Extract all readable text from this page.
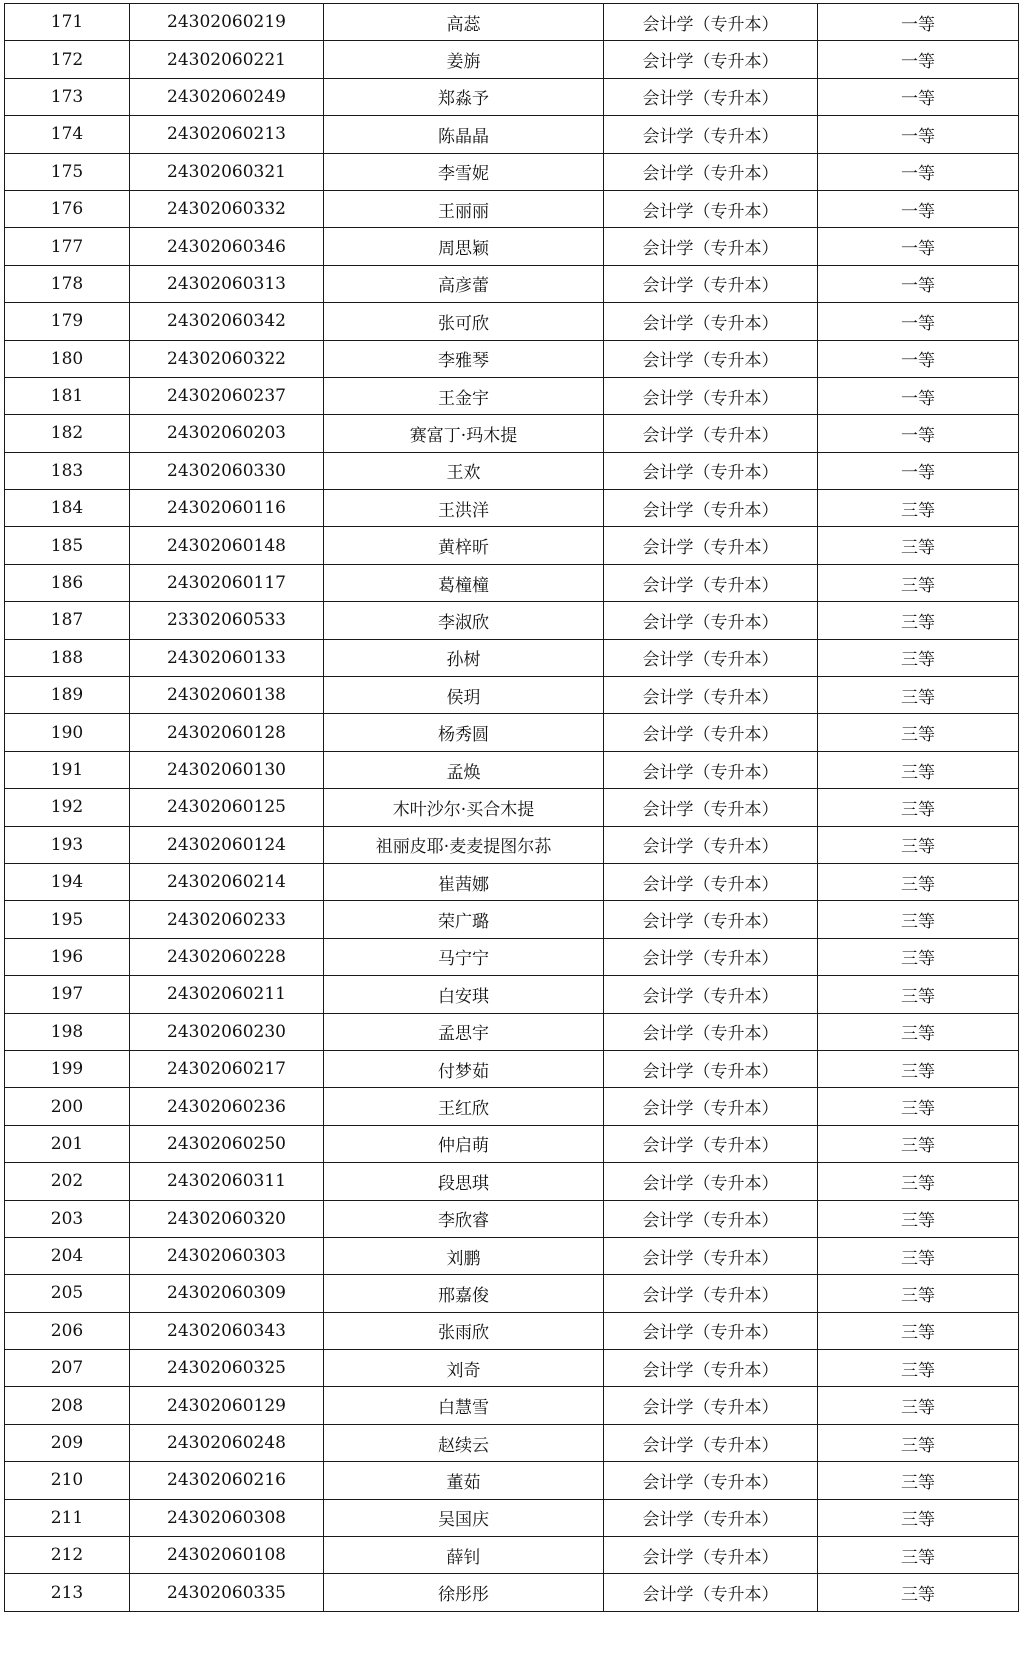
171	24302060219	高蕊	会计学（专升本）	一等
172	24302060221	姜旃	会计学（专升本）	一等
173	24302060249	郑淼予	会计学（专升本）	一等
174	24302060213	陈晶晶	会计学（专升本）	一等
175	24302060321	李雪妮	会计学（专升本）	一等
176	24302060332	王丽丽	会计学（专升本）	一等
177	24302060346	周思颖	会计学（专升本）	一等
178	24302060313	高彦蕾	会计学（专升本）	一等
179	24302060342	张可欣	会计学（专升本）	一等
180	24302060322	李雅琴	会计学（专升本）	一等
181	24302060237	王金宇	会计学（专升本）	一等
182	24302060203	赛富丁·玛木提	会计学（专升本）	一等
183	24302060330	王欢	会计学（专升本）	一等
184	24302060116	王洪洋	会计学（专升本）	三等
185	24302060148	黄梓昕	会计学（专升本）	三等
186	24302060117	葛橦橦	会计学（专升本）	三等
187	23302060533	李淑欣	会计学（专升本）	三等
188	24302060133	孙树	会计学（专升本）	三等
189	24302060138	侯玥	会计学（专升本）	三等
190	24302060128	杨秀圆	会计学（专升本）	三等
191	24302060130	孟焕	会计学（专升本）	三等
192	24302060125	木叶沙尔·买合木提	会计学（专升本）	三等
193	24302060124	祖丽皮耶·麦麦提图尔荪	会计学（专升本）	三等
194	24302060214	崔茜娜	会计学（专升本）	三等
195	24302060233	荣广璐	会计学（专升本）	三等
196	24302060228	马宁宁	会计学（专升本）	三等
197	24302060211	白安琪	会计学（专升本）	三等
198	24302060230	孟思宇	会计学（专升本）	三等
199	24302060217	付梦茹	会计学（专升本）	三等
200	24302060236	王红欣	会计学（专升本）	三等
201	24302060250	仲启萌	会计学（专升本）	三等
202	24302060311	段思琪	会计学（专升本）	三等
203	24302060320	李欣睿	会计学（专升本）	三等
204	24302060303	刘鹏	会计学（专升本）	三等
205	24302060309	邢嘉俊	会计学（专升本）	三等
206	24302060343	张雨欣	会计学（专升本）	三等
207	24302060325	刘奇	会计学（专升本）	三等
208	24302060129	白慧雪	会计学（专升本）	三等
209	24302060248	赵续云	会计学（专升本）	三等
210	24302060216	董茹	会计学（专升本）	三等
211	24302060308	吴国庆	会计学（专升本）	三等
212	24302060108	薛钊	会计学（专升本）	三等
213	24302060335	徐彤彤	会计学（专升本）	三等
